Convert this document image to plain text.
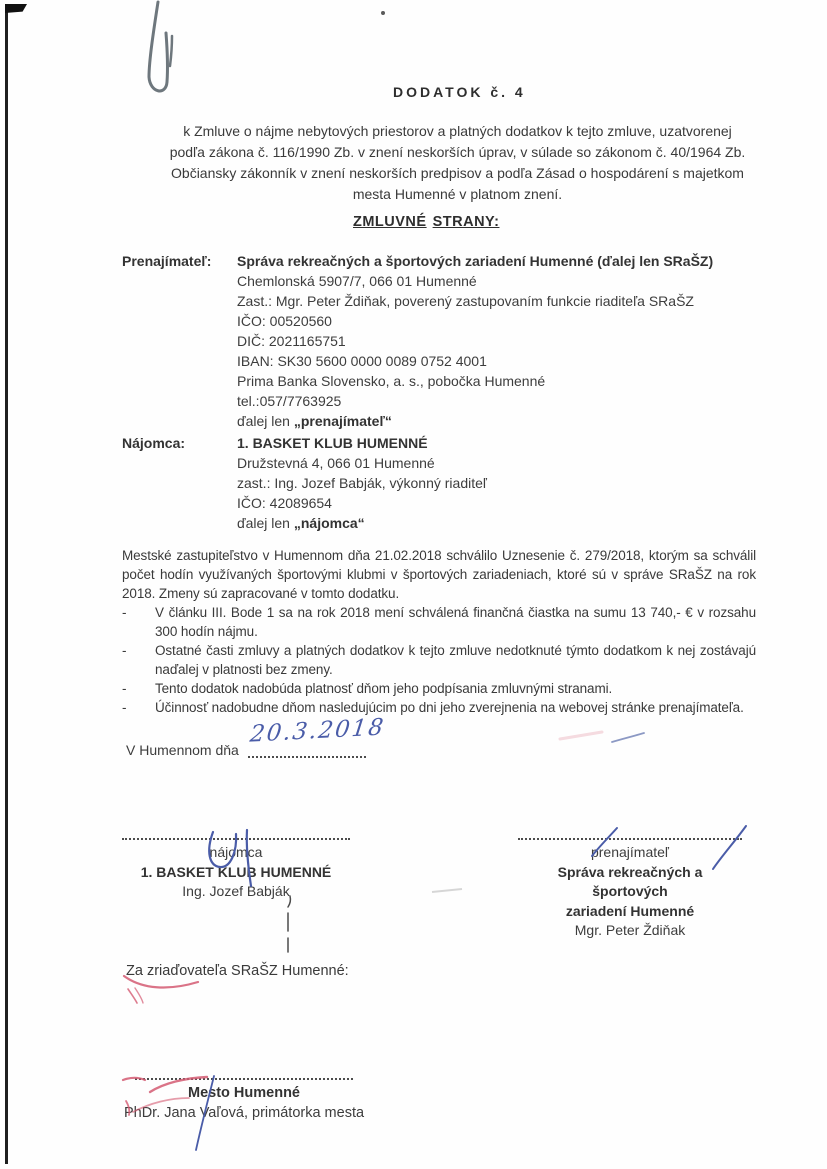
DODATOK č. 4
k Zmluve o nájme nebytových priestorov a platných dodatkov k tejto zmluve, uzatvorenej
podľa zákona č. 116/1990 Zb. v znení neskorších úprav, v súlade so zákonom č. 40/1964 Zb.
Občiansky zákonník v znení neskorších predpisov a podľa Zásad o hospodárení s majetkom
mesta Humenné v platnom znení.
ZMLUVNÉ STRANY:
Prenajímateľ:	Správa rekreačných a športových zariadení Humenné (ďalej len SRaŠZ)
Chemlonská 5907/7, 066 01 Humenné
Zast.: Mgr. Peter Ždiňak, poverený zastupovaním funkcie riaditeľa SRaŠZ
IČO: 00520560
DIČ: 2021165751
IBAN: SK30 5600 0000 0089 0752 4001
Prima Banka Slovensko, a. s., pobočka Humenné
tel.:057/7763925
ďalej len „prenajímateľ“
Nájomca:	1. BASKET KLUB HUMENNÉ
Družstevná 4, 066 01 Humenné
zast.: Ing. Jozef Babják, výkonný riaditeľ
IČO: 42089654
ďalej len „nájomca“
Mestské zastupiteľstvo v Humennom dňa 21.02.2018 schválilo Uznesenie č. 279/2018, ktorým sa schválil
počet hodín využívaných športovými klubmi v športových zariadeniach, ktoré sú v správe SRaŠZ na rok
2018. Zmeny sú zapracované v tomto dodatku.
-	V článku III. Bode 1 sa na rok 2018 mení schválená finančná čiastka na sumu 13 740,- € v rozsahu 300 hodín nájmu.
-	Ostatné časti zmluvy a platných dodatkov k tejto zmluve nedotknuté týmto dodatkom k nej zostávajú naďalej v platnosti bez zmeny.
-	Tento dodatok nadobúda platnosť dňom jeho podpísania zmluvnými stranami.
-	Účinnosť nadobudne dňom nasledujúcim po dni jeho zverejnenia na webovej stránke prenajímateľa.
V Humennom dňa
20.3.2018
nájomca
1. BASKET KLUB HUMENNÉ
Ing. Jozef Babják
prenajímateľ
Správa rekreačných a športových
zariadení Humenné
Mgr. Peter Ždiňak
Za zriaďovateľa SRaŠZ Humenné:
Mesto Humenné
PhDr. Jana Vaľová, primátorka mesta
